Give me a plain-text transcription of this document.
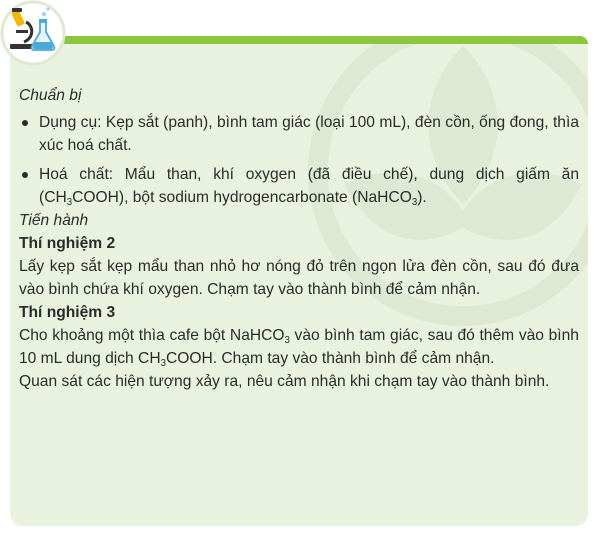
Chuẩn bị

Dụng cụ: Kẹp sắt (panh), bình tam giác (loại 100 mL), đèn cồn, ống đong, thìa xúc hoá chất.
Hoá chất: Mẩu than, khí oxygen (đã điều chế), dung dịch giấm ăn $(CH_3COOH)$, bột sodium hydrogencarbonate (NaHCO$_3$).

Tiến hành

Thí nghiệm 2

Lấy kẹp sắt kẹp mẩu than nhỏ hơ nóng đỏ trên ngọn lửa đèn cồn, sau đó đưa vào bình chứa khí oxygen. Chạm tay vào thành bình để cảm nhận.

Thí nghiệm 3

Cho khoảng một thìa cafe bột NaHCO$_3$ vào bình tam giác, sau đó thêm vào bình 10 mL dung dịch $CH_3COOH$. Chạm tay vào thành bình để cảm nhận.

Quan sát các hiện tượng xảy ra, nêu cảm nhận khi chạm tay vào thành bình.
